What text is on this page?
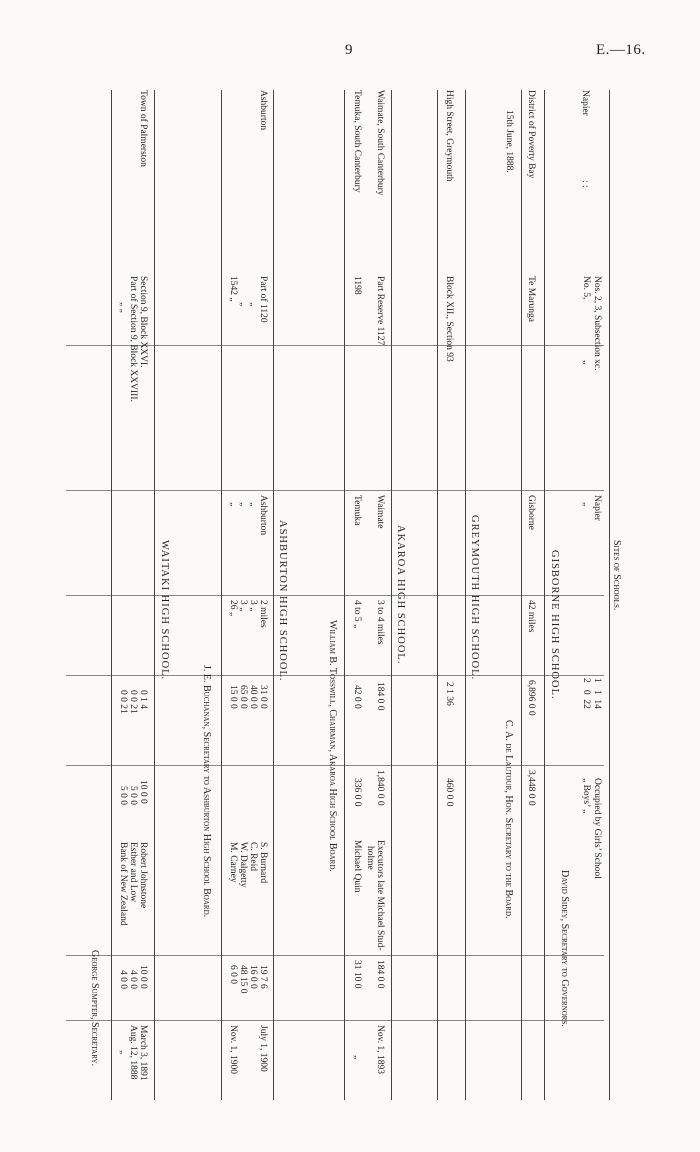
9	E.—16.
Sites of Schools.
Napier
: :
Nos. 2, 3, Subsection xc.
No. 5,
„
Napier
„
1   1  14
2   0  22
Occupied by Girls’ School
„ Boys’ „
David Sidey, Secretary to Governors.
GISBORNE HIGH SCHOOL.
District of Poverty Bay
Te Marunga
Gisborne
42 miles
6,896 0 0
3,448 0 0
15th June, 1888.
C. A. de Lautour, Hon. Secretary to the Board.
GREYMOUTH HIGH SCHOOL.
High Street, Greymouth
Block XII., Section 93
2 1 36
460 0 0
AKAROA HIGH SCHOOL.
Waimate, South Canterbury
Part Reserve 1127
Waimate
3 to 4 miles
184 0 0
1,840 0 0
Executors late Michael Stud-
holme
184 0 0
Nov. 1, 1893
Temuka, South Canterbury
1198
Temuka
4 to 5 „
42 0 0
336 0 0
Michael Quin
31 10 0
„
William B. Tosswill, Chairman, Akaroa High School Board.
ASHBURTON HIGH SCHOOL.
Ashburton
Part of 1120
„
„
1542 „
Ashburton
„
„
„
2 miles
3 „
3 „
26 „
31 0 0
40 0 0
65 0 0
15 0 0
S. Burnard
C. Reid
W. Dalgetty
M. Carney
19 7 6
16 0 0
48 15 0
6 0 0
July 1, 1900
Nov. 1, 1900
J. E. Buchanan, Secretary to Ashburton High School Board.
WAITAKI HIGH SCHOOL.
Town of Palmerston
Section 9, Block XXVI.
Part of Section 9, Block XXVIII.
„ „
0 1 4
0 0 21
0 0 21
10 0 0
5 0 0
5 0 0
Robert Johnstone
Esther and Low
Bank of New Zealand
10 0 0
4 0 0
4 0 0
March 3, 1891
Aug. 12, 1888
„
George Sumpter, Secretary.
